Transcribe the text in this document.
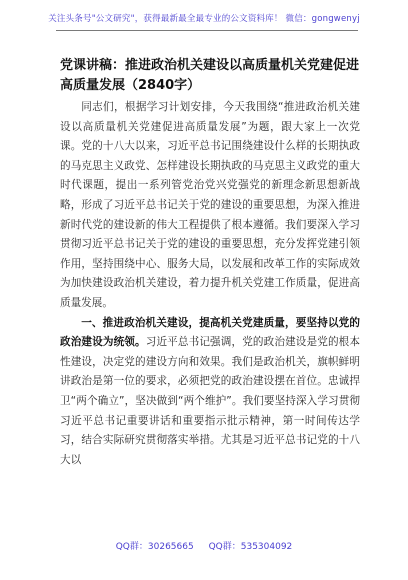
关注头条号"公文研究"，获得最新最全最专业的公文资料库！ 微信：gongwenyj
党课讲稿：推进政治机关建设以高质量机关党建促进高质量发展（2840字）

同志们，根据学习计划安排，今天我围绕“推进政治机关建设以高质量机关党建促进高质量发展”为题，跟大家上一次党课。党的十八大以来，习近平总书记围绕建设什么样的长期执政的马克思主义政党、怎样建设长期执政的马克思主义政党的重大时代课题，提出一系列管党治党兴党强党的新理念新思想新战略，形成了习近平总书记关于党的建设的重要思想，为深入推进新时代党的建设新的伟大工程提供了根本遵循。我们要深入学习贯彻习近平总书记关于党的建设的重要思想，充分发挥党建引领作用，坚持围绕中心、服务大局，以发展和改革工作的实际成效为加快建设政治机关建设，着力提升机关党建工作质量，促进高质量发展。

一、推进政治机关建设，提高机关党建质量，要坚持以党的政治建设为统领。习近平总书记强调，党的政治建设是党的根本性建设，决定党的建设方向和效果。我们是政治机关，旗帜鲜明讲政治是第一位的要求，必须把党的政治建设摆在首位。忠诚捍卫“两个确立”，坚决做到“两个维护”。我们要坚持深入学习贯彻习近平总书记重要讲话和重要指示批示精神，第一时间传达学习，结合实际研究贯彻落实举措。尤其是习近平总书记党的十八大以

QQ群：30265665 QQ群：535304092
